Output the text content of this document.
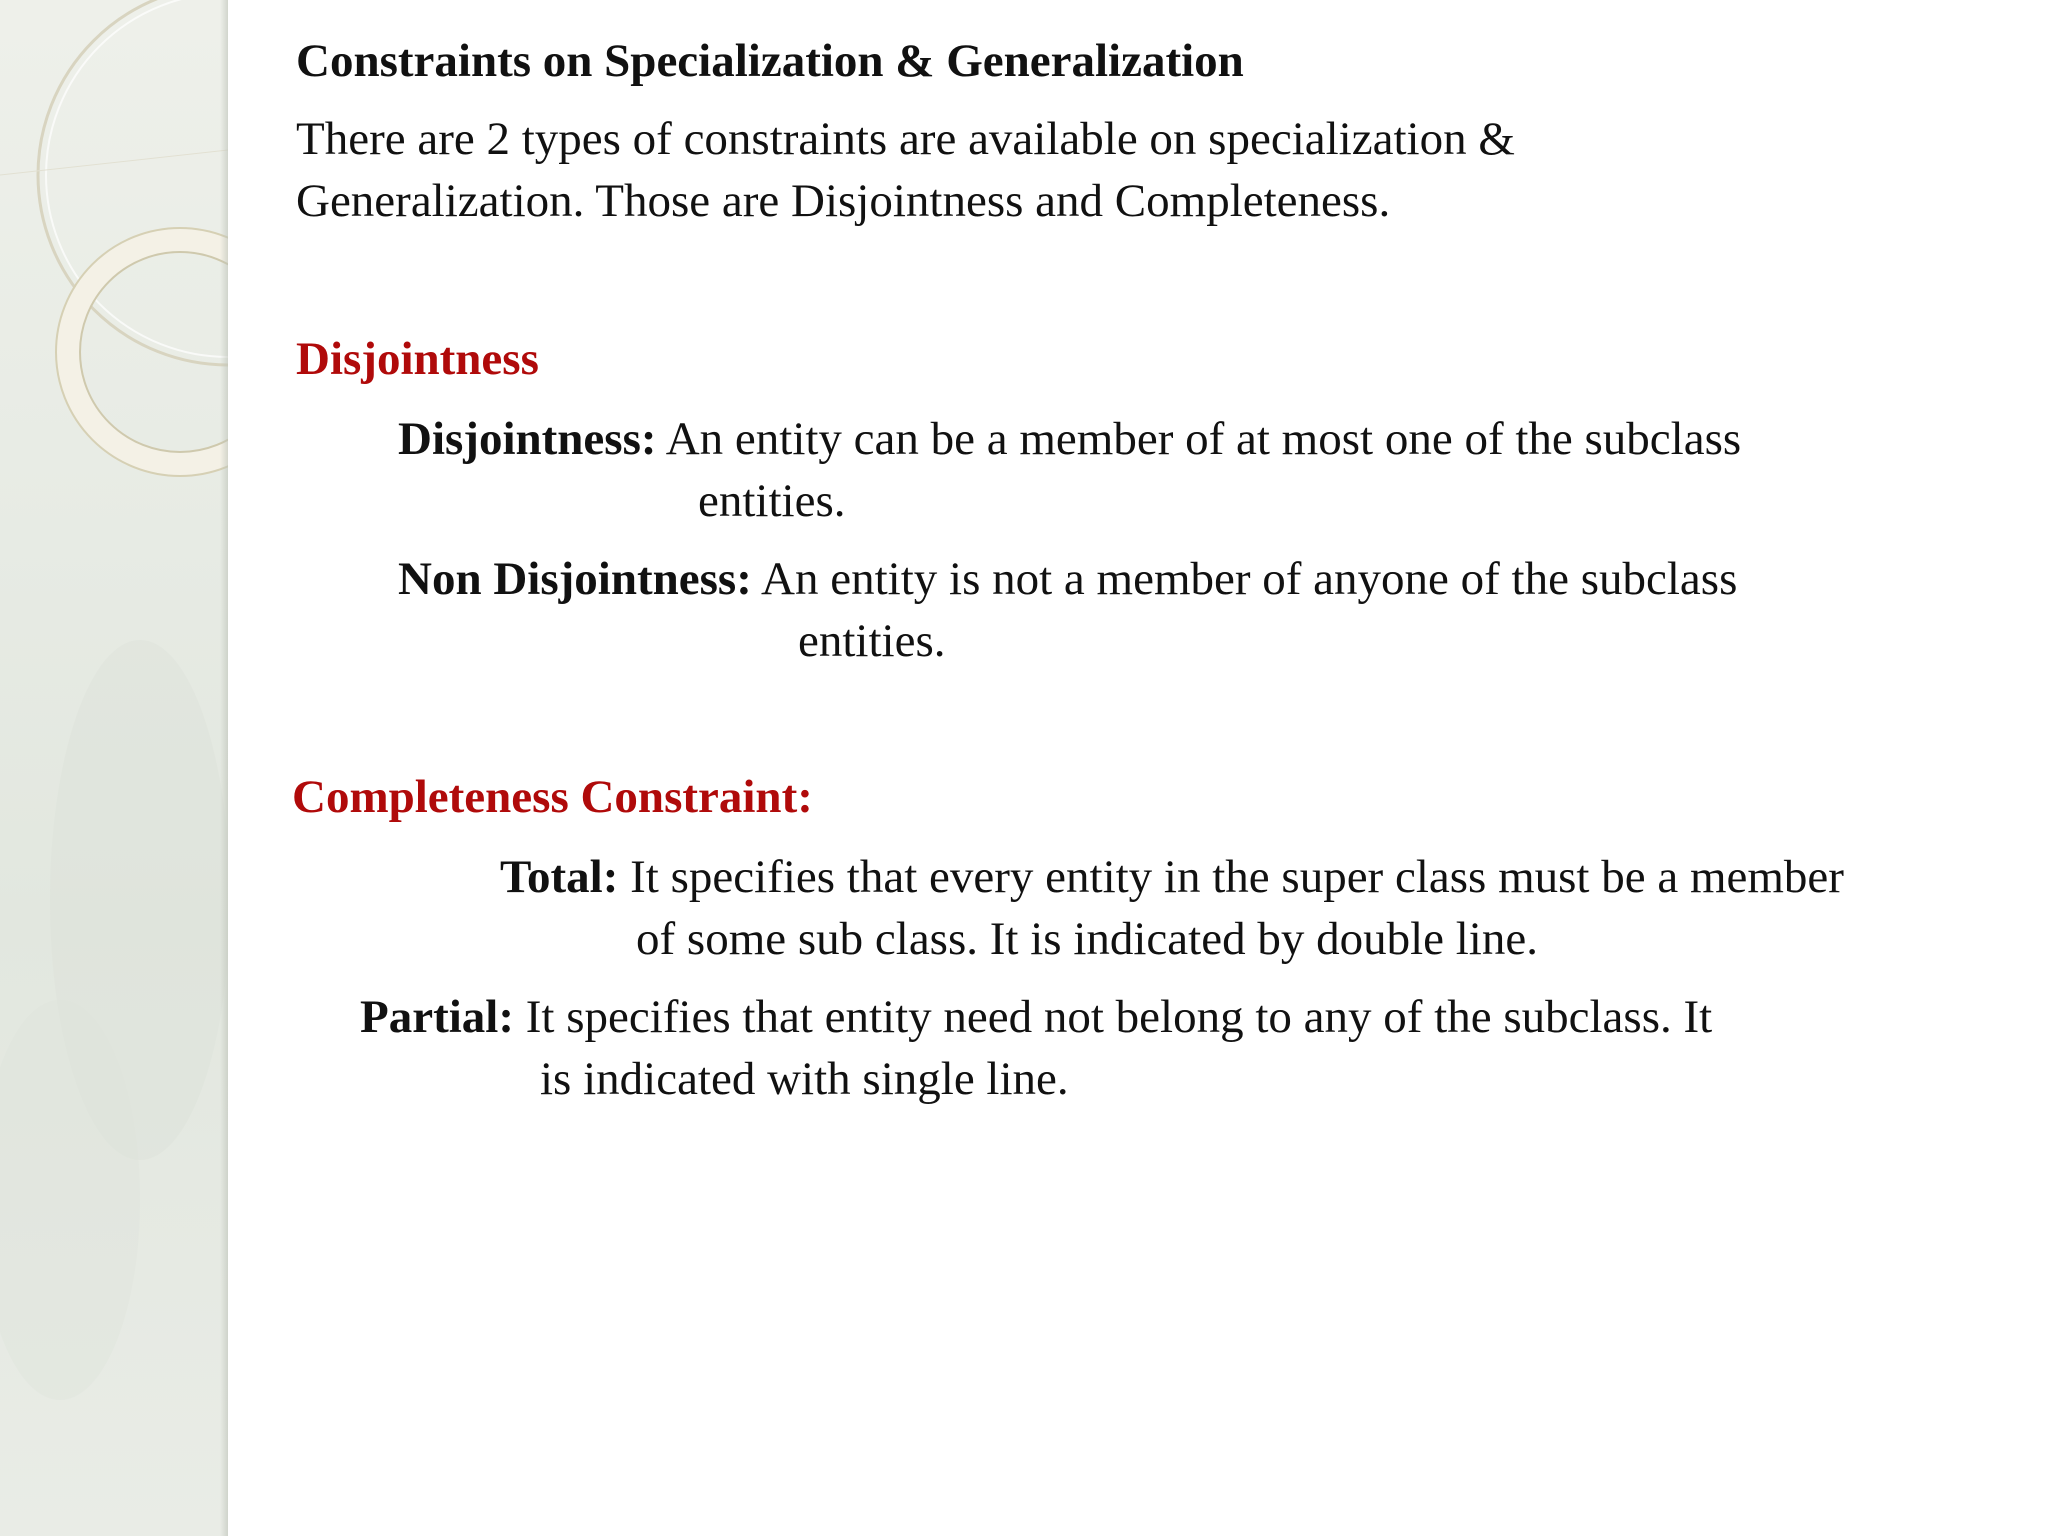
Constraints on Specialization & Generalization

There are 2 types of constraints are available on specialization & Generalization. Those are Disjointness and Completeness.

Disjointness

Disjointness: An entity can be a member of at most one of the subclass
entities.

Non Disjointness: An entity is not a member of anyone of the subclass
entities.

Completeness Constraint:

Total: It specifies that every entity in the super class must be a member
of some sub class. It is indicated by double line.

Partial: It specifies that entity need not belong to any of the subclass. It
is indicated with single line.
